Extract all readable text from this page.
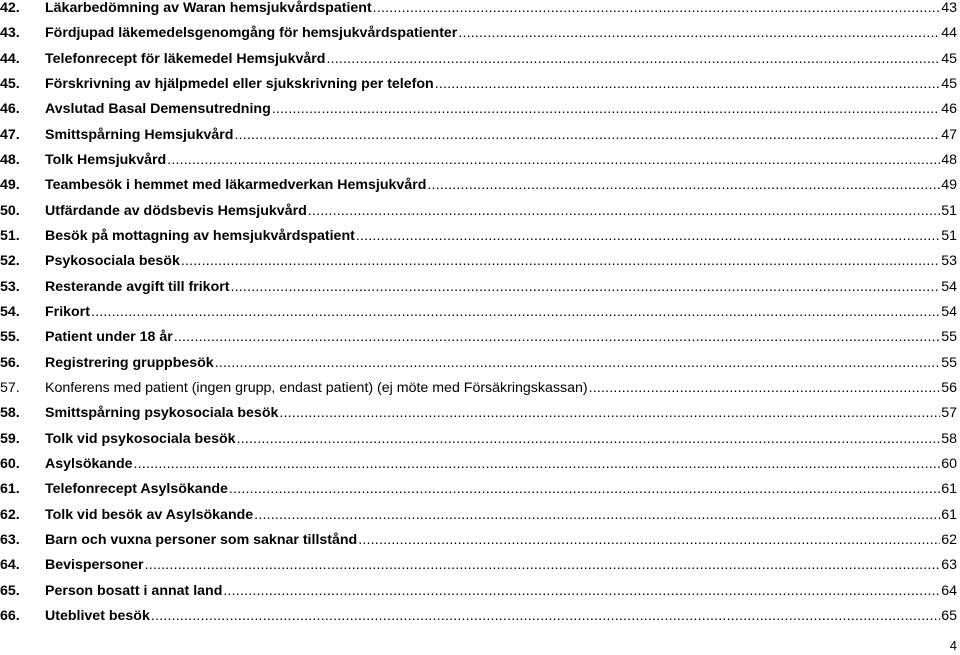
42.	Läkarbedömning av Waran hemsjukvårdspatient .....	43
43.	Fördjupad läkemedelsgenomgång för hemsjukvårdspatienter .....	44
44.	Telefonrecept för läkemedel Hemsjukvård .....	45
45.	Förskrivning av hjälpmedel eller sjukskrivning per telefon .....	45
46.	Avslutad Basal Demensutredning .....	46
47.	Smittspårning Hemsjukvård .....	47
48.	Tolk Hemsjukvård .....	48
49.	Teambesök i hemmet med läkarmedverkan Hemsjukvård .....	49
50.	Utfärdande av dödsbevis Hemsjukvård .....	51
51.	Besök på mottagning av hemsjukvårdspatient .....	51
52.	Psykosociala besök .....	53
53.	Resterande avgift till frikort .....	54
54.	Frikort .....	54
55.	Patient under 18 år .....	55
56.	Registrering gruppbesök .....	55
57.	Konferens med patient (ingen grupp, endast patient) (ej möte med Försäkringskassan) .....	56
58.	Smittspårning psykosociala besök .....	57
59.	Tolk vid psykosociala besök .....	58
60.	Asylsökande .....	60
61.	Telefonrecept Asylsökande .....	61
62.	Tolk vid besök av Asylsökande .....	61
63.	Barn och vuxna personer som saknar tillstånd .....	62
64.	Bevispersoner .....	63
65.	Person bosatt i annat land .....	64
66.	Uteblivet besök .....	65
4
